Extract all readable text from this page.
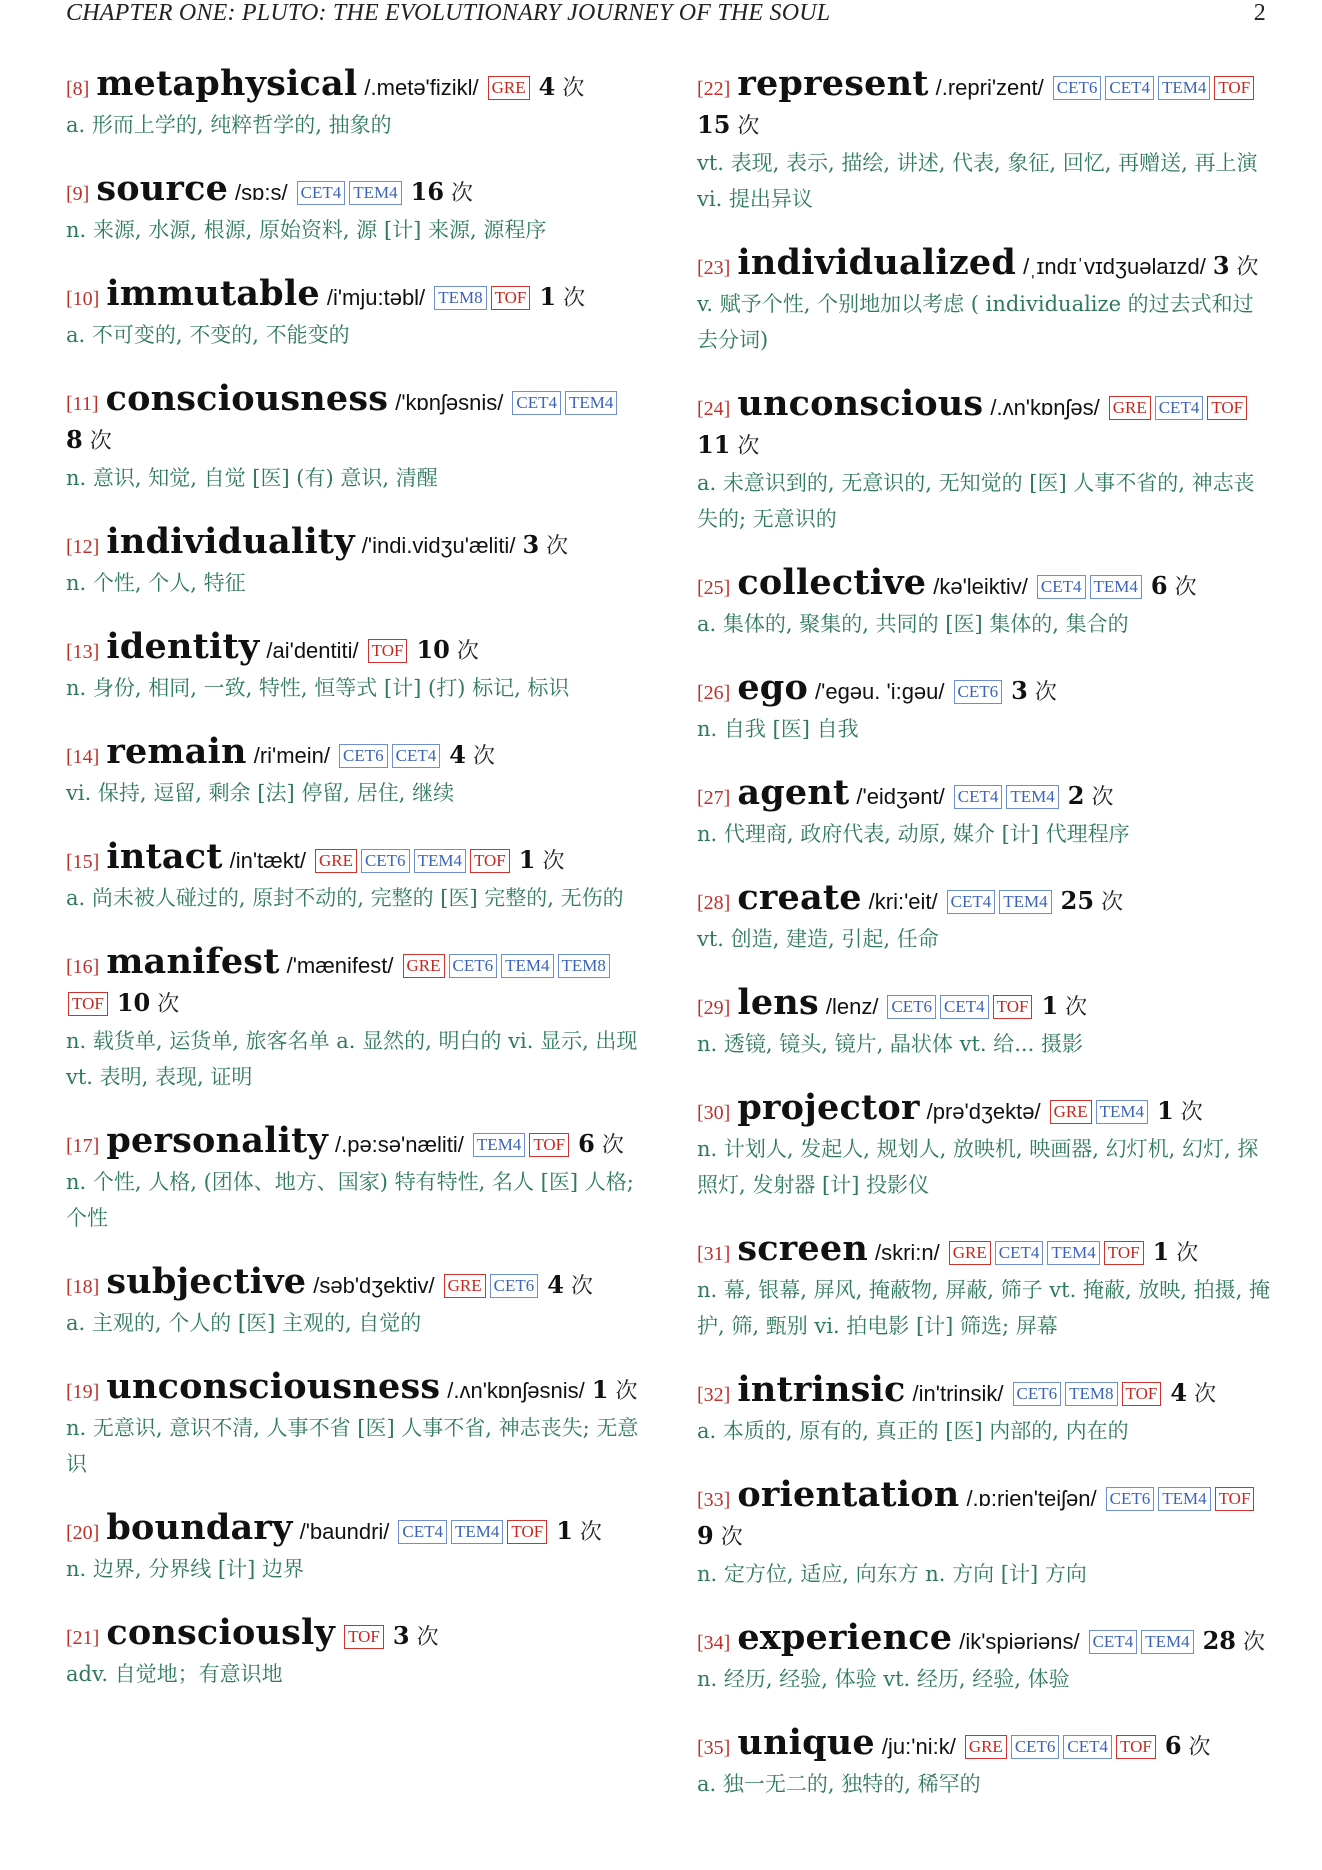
CHAPTER ONE: PLUTO: THE EVOLUTIONARY JOURNEY OF THE SOUL	2
[8] metaphysical /.metə'fizikl/ GRE 4 次
a. 形而上学的, 纯粹哲学的, 抽象的
[9] source /sɒ:s/ CET4 TEM4 16 次
n. 来源, 水源, 根源, 原始资料, 源 [计] 来源, 源程序
[10] immutable /i'mju:təbl/ TEM8 TOF 1 次
a. 不可变的, 不变的, 不能变的
[11] consciousness /'kɒnʃəsnis/ CET4 TEM4 8 次
n. 意识, 知觉, 自觉 [医] (有) 意识, 清醒
[12] individuality /'indi.vidʒu'æliti/ 3 次
n. 个性, 个人, 特征
[13] identity /ai'dentiti/ TOF 10 次
n. 身份, 相同, 一致, 特性, 恒等式 [计] (打) 标记, 标识
[14] remain /ri'mein/ CET6 CET4 4 次
vi. 保持, 逗留, 剩余 [法] 停留, 居住, 继续
[15] intact /in'tækt/ GRE CET6 TEM4 TOF 1 次
a. 尚未被人碰过的, 原封不动的, 完整的 [医] 完整的, 无伤的
[16] manifest /'mænifest/ GRE CET6 TEM4 TEM8TOF 10 次
n. 载货单, 运货单, 旅客名单 a. 显然的, 明白的 vi. 显示, 出现 vt. 表明, 表现, 证明
[17] personality /.pə:sə'næliti/ TEM4 TOF 6 次
n. 个性, 人格, (团体、地方、国家) 特有特性, 名人 [医] 人格; 个性
[18] subjective /səb'dʒektiv/ GRE CET6 4 次
a. 主观的, 个人的 [医] 主观的, 自觉的
[19] unconsciousness /.ʌn'kɒnʃəsnis/ 1 次
n. 无意识, 意识不清, 人事不省 [医] 人事不省, 神志丧失; 无意识
[20] boundary /'baundri/ CET4 TEM4 TOF 1 次
n. 边界, 分界线 [计] 边界
[21] consciously TOF 3 次
adv. 自觉地；有意识地
[22] represent /.repri'zent/ CET6 CET4 TEM4 TOF 15 次
vt. 表现, 表示, 描绘, 讲述, 代表, 象征, 回忆, 再赠送, 再上演 vi. 提出异议
[23] individualized /ˌɪndɪˈvɪdʒuəlaɪzd/ 3 次
v. 赋予个性, 个别地加以考虑 ( individualize 的过去式和过去分词)
[24] unconscious /.ʌn'kɒnʃəs/ GRE CET4 TOF 11 次
a. 未意识到的, 无意识的, 无知觉的 [医] 人事不省的, 神志丧失的; 无意识的
[25] collective /kə'leiktiv/ CET4 TEM4 6 次
a. 集体的, 聚集的, 共同的 [医] 集体的, 集合的
[26] ego /'egəu. 'i:gəu/ CET6 3 次
n. 自我 [医] 自我
[27] agent /'eidʒənt/ CET4 TEM4 2 次
n. 代理商, 政府代表, 动原, 媒介 [计] 代理程序
[28] create /kri:'eit/ CET4 TEM4 25 次
vt. 创造, 建造, 引起, 任命
[29] lens /lenz/ CET6 CET4 TOF 1 次
n. 透镜, 镜头, 镜片, 晶状体 vt. 给... 摄影
[30] projector /prə'dʒektə/ GRE TEM4 1 次
n. 计划人, 发起人, 规划人, 放映机, 映画器, 幻灯机, 幻灯, 探照灯, 发射器 [计] 投影仪
[31] screen /skri:n/ GRE CET4 TEM4 TOF 1 次
n. 幕, 银幕, 屏风, 掩蔽物, 屏蔽, 筛子 vt. 掩蔽, 放映, 拍摄, 掩护, 筛, 甄别 vi. 拍电影 [计] 筛选; 屏幕
[32] intrinsic /in'trinsik/ CET6 TEM8 TOF 4 次
a. 本质的, 原有的, 真正的 [医] 内部的, 内在的
[33] orientation /.ɒ:rien'teiʃən/ CET6 TEM4 TOF 9 次
n. 定方位, 适应, 向东方 n. 方向 [计] 方向
[34] experience /ik'spiəriəns/ CET4 TEM4 28 次
n. 经历, 经验, 体验 vt. 经历, 经验, 体验
[35] unique /ju:'ni:k/ GRE CET6 CET4 TOF 6 次
a. 独一无二的, 独特的, 稀罕的
